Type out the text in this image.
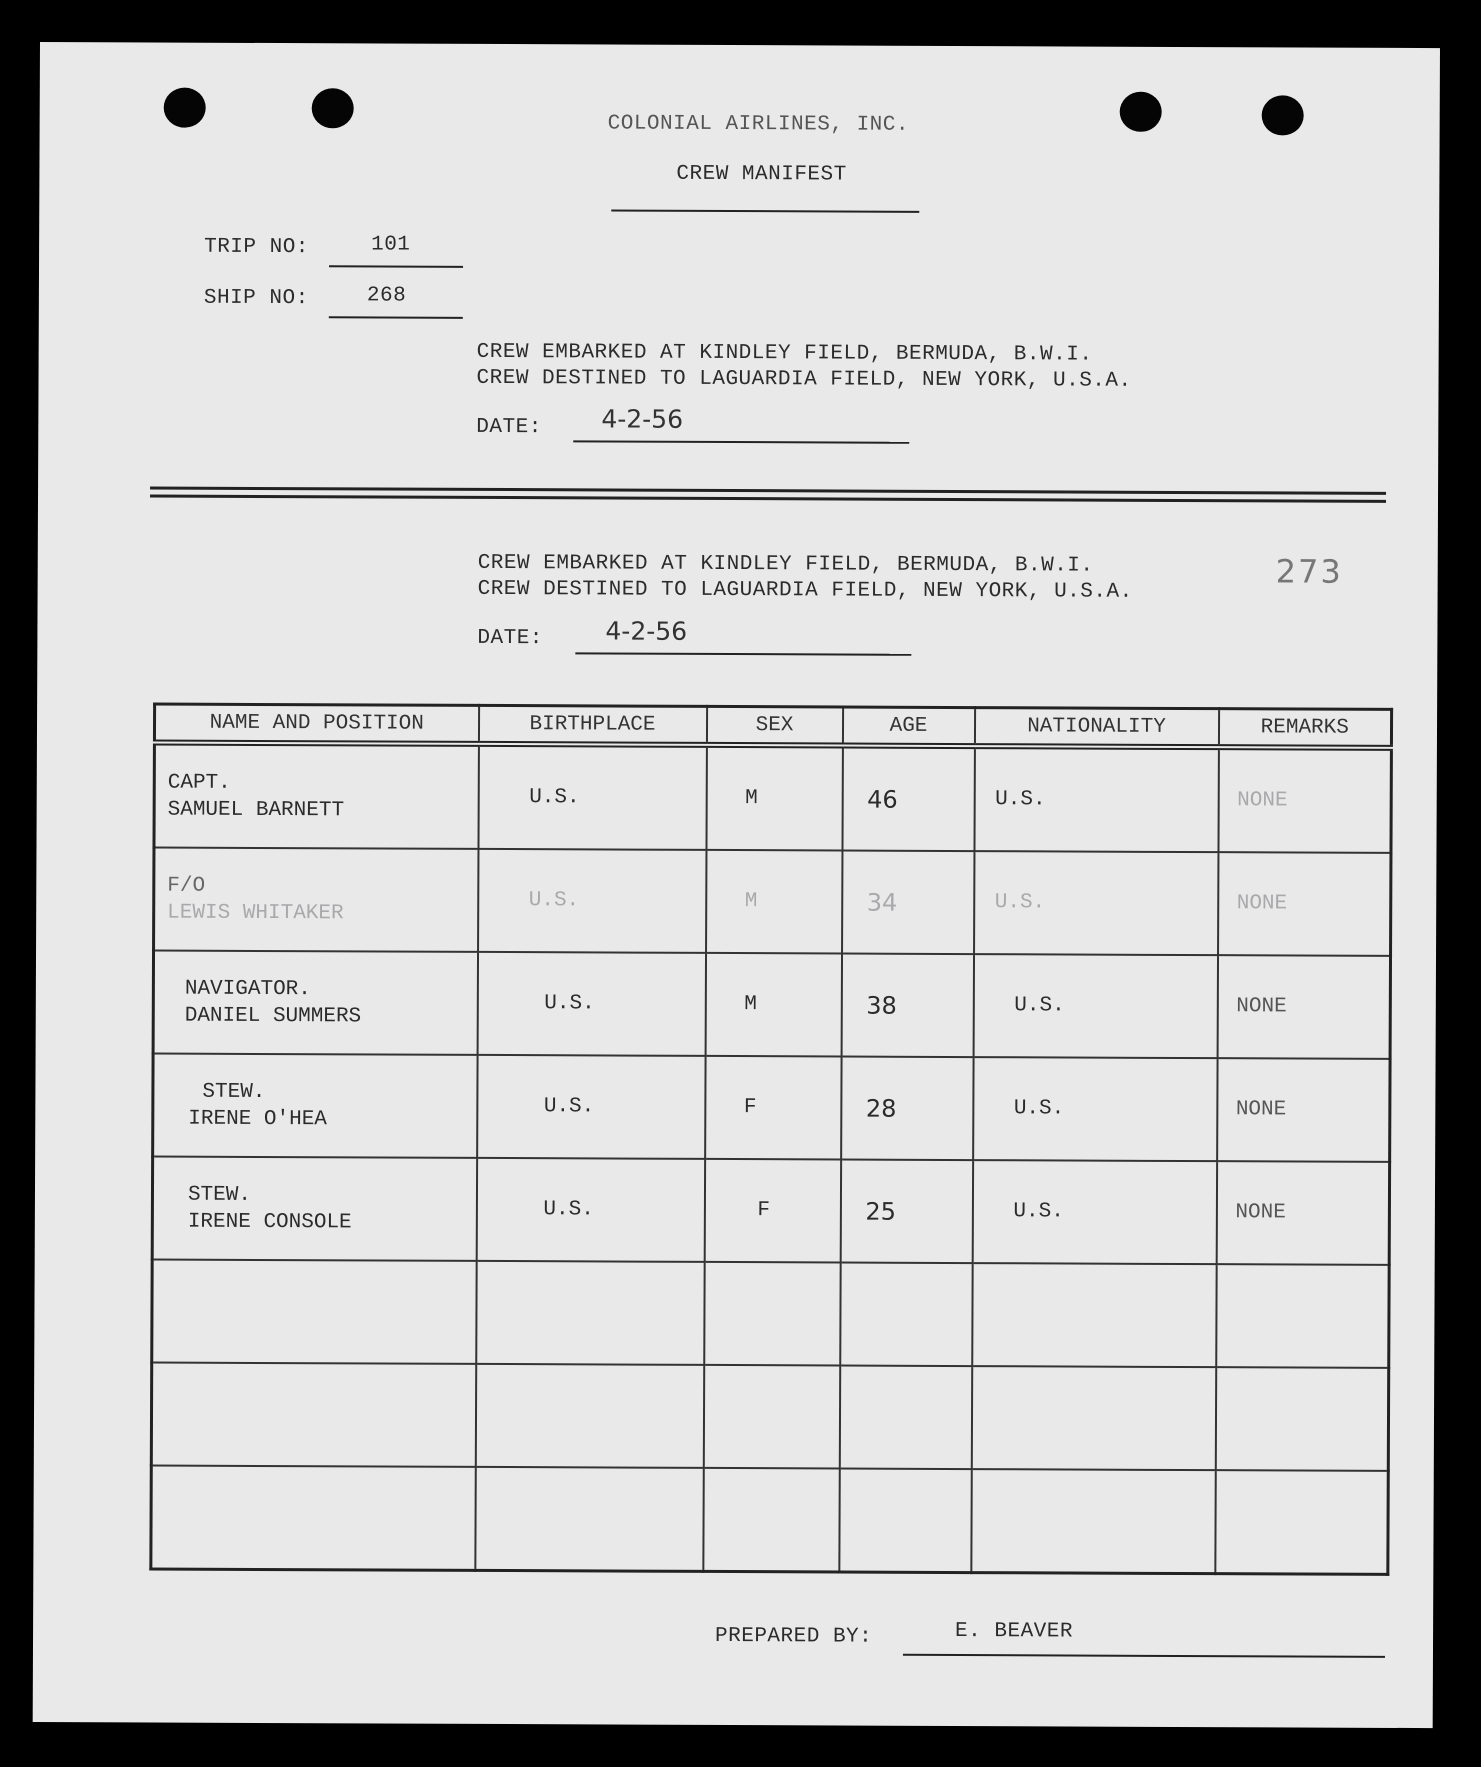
COLONIAL AIRLINES, INC.
CREW MANIFEST
TRIP NO:	101
SHIP NO:	268
CREW EMBARKED AT KINDLEY FIELD, BERMUDA, B.W.I.
CREW DESTINED TO LAGUARDIA FIELD, NEW YORK, U.S.A.
DATE: 4-2-56
CREW EMBARKED AT KINDLEY FIELD, BERMUDA, B.W.I.
CREW DESTINED TO LAGUARDIA FIELD, NEW YORK, U.S.A.
273
DATE: 4-2-56
NAME AND POSITION	BIRTHPLACE	SEX	AGE	NATIONALITY	REMARKS

CAPT.
SAMUEL BARNETT	U.S.	M	46	U.S.	NONE

F/O
LEWIS WHITAKER	U.S.	M	34	U.S.	NONE

NAVIGATOR.
DANIEL SUMMERS	U.S.	M	38	U.S.	NONE

STEW.
IRENE O'HEA	U.S.	F	28	U.S.	NONE

STEW.
IRENE CONSOLE	U.S.	F	25	U.S.	NONE

PREPARED BY:	E. BEAVER
